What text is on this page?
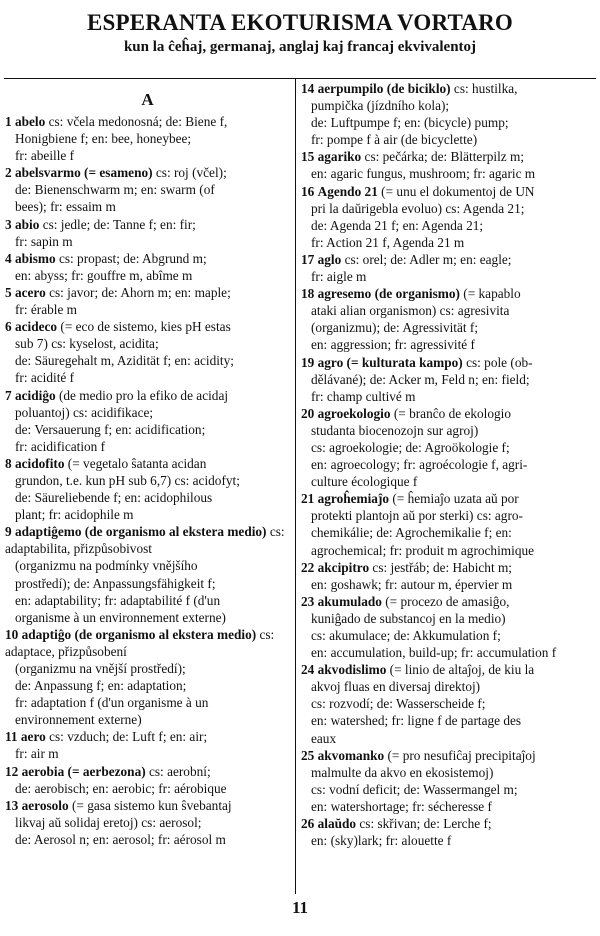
ESPERANTA EKOTURISMA VORTARO
kun la ĉeĥaj, germanaj, anglaj kaj francaj ekvivalentoj
A
1 abelo cs: včela medonosná; de: Biene f,
Honigbiene f; en: bee, honeybee;
fr: abeille f
2 abelsvarmo (= esameno) cs: roj (včel);
de: Bienenschwarm m; en: swarm (of
bees); fr: essaim m
3 abio cs: jedle; de: Tanne f; en: fir;
fr: sapin m
4 abismo cs: propast; de: Abgrund m;
en: abyss; fr: gouffre m, abîme m
5 acero cs: javor; de: Ahorn m; en: maple;
fr: érable m
6 acideco (= eco de sistemo, kies pH estas
sub 7) cs: kyselost, acidita;
de: Säuregehalt m, Azidität f; en: acidity;
fr: acidité f
7 acidiĝo (de medio pro la efiko de acidaj
poluantoj) cs: acidifikace;
de: Versauerung f; en: acidification;
fr: acidification f
8 acidofito (= vegetalo ŝatanta acidan
grundon, t.e. kun pH sub 6,7) cs: acidofyt;
de: Säureliebende f; en: acidophilous
plant; fr: acidophile m
9 adaptiĝemo (de organismo al ekstera medio) cs: adaptabilita, přizpůsobivost
(organizmu na podmínky vnějšího
prostředí); de: Anpassungsfähigkeit f;
en: adaptability; fr: adaptabilité f (d'un
organisme à un environnement externe)
10 adaptiĝo (de organismo al ekstera medio) cs: adaptace, přizpůsobení
(organizmu na vnější prostředí);
de: Anpassung f; en: adaptation;
fr: adaptation f (d'un organisme à un
environnement externe)
11 aero cs: vzduch; de: Luft f; en: air;
fr: air m
12 aerobia (= aerbezona) cs: aerobní;
de: aerobisch; en: aerobic; fr: aérobique
13 aerosolo (= gasa sistemo kun ŝvebantaj
likvaj aŭ solidaj eretoj) cs: aerosol;
de: Aerosol n; en: aerosol; fr: aérosol m
14 aerpumpilo (de biciklo) cs: hustilka,
pumpička (jízdního kola);
de: Luftpumpe f; en: (bicycle) pump;
fr: pompe f à air (de bicyclette)
15 agariko cs: pečárka; de: Blätterpilz m;
en: agaric fungus, mushroom; fr: agaric m
16 Agendo 21 (= unu el dokumentoj de UN
pri la daŭrigebla evoluo) cs: Agenda 21;
de: Agenda 21 f; en: Agenda 21;
fr: Action 21 f, Agenda 21 m
17 aglo cs: orel; de: Adler m; en: eagle;
fr: aigle m
18 agresemo (de organismo) (= kapablo
ataki alian organismon) cs: agresivita
(organizmu); de: Agressivität f;
en: aggression; fr: agressivité f
19 agro (= kulturata kampo) cs: pole (ob-
dělávané); de: Acker m, Feld n; en: field;
fr: champ cultivé m
20 agroekologio (= branĉo de ekologio
studanta biocenozojn sur agroj)
cs: agroekologie; de: Agroökologie f;
en: agroecology; fr: agroécologie f, agri-
culture écologique f
21 agroĥemiaĵo (= ĥemiaĵo uzata aŭ por
protekti plantojn aŭ por sterki) cs: agro-
chemikálie; de: Agrochemikalie f; en:
agrochemical; fr: produit m agrochimique
22 akcipitro cs: jestřáb; de: Habicht m;
en: goshawk; fr: autour m, épervier m
23 akumulado (= procezo de amasiĝo,
kuniĝado de substancoj en la medio)
cs: akumulace; de: Akkumulation f;
en: accumulation, build-up; fr: accumulation f
24 akvodislimo (= linio de altaĵoj, de kiu la
akvoj fluas en diversaj direktoj)
cs: rozvodí; de: Wasserscheide f;
en: watershed; fr: ligne f de partage des
eaux
25 akvomanko (= pro nesufiĉaj precipitaĵoj
malmulte da akvo en ekosistemoj)
cs: vodní deficit; de: Wassermangel m;
en: watershortage; fr: sécheresse f
26 alaŭdo cs: skřivan; de: Lerche f;
en: (sky)lark; fr: alouette f
11
